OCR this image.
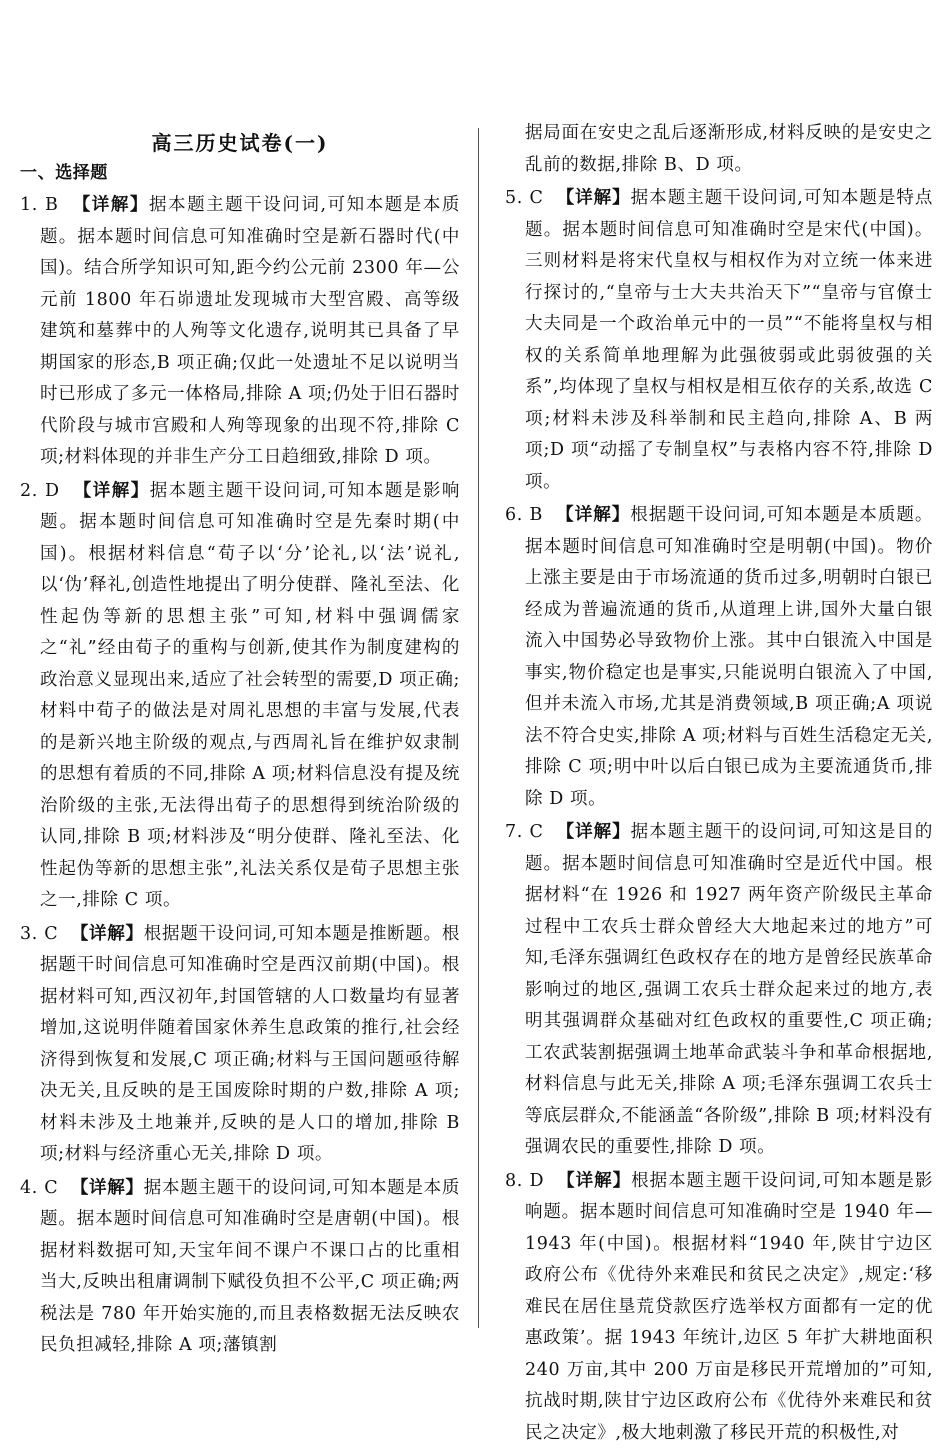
高三历史试卷(一)
一、选择题

1. B 【详解】据本题主题干设问词,可知本题是本质题。据本题时间信息可知准确时空是新石器时代(中国)。结合所学知识可知,距今约公元前 2300 年—公元前 1800 年石峁遗址发现城市大型宫殿、高等级建筑和墓葬中的人殉等文化遗存,说明其已具备了早期国家的形态,B 项正确;仅此一处遗址不足以说明当时已形成了多元一体格局,排除 A 项;仍处于旧石器时代阶段与城市宫殿和人殉等现象的出现不符,排除 C 项;材料体现的并非生产分工日趋细致,排除 D 项。

2. D 【详解】据本题主题干设问词,可知本题是影响题。据本题时间信息可知准确时空是先秦时期(中国)。根据材料信息“荀子以‘分’论礼,以‘法’说礼,以‘伪’释礼,创造性地提出了明分使群、隆礼至法、化性起伪等新的思想主张”可知,材料中强调儒家之“礼”经由荀子的重构与创新,使其作为制度建构的政治意义显现出来,适应了社会转型的需要,D 项正确;材料中荀子的做法是对周礼思想的丰富与发展,代表的是新兴地主阶级的观点,与西周礼旨在维护奴隶制的思想有着质的不同,排除 A 项;材料信息没有提及统治阶级的主张,无法得出荀子的思想得到统治阶级的认同,排除 B 项;材料涉及“明分使群、隆礼至法、化性起伪等新的思想主张”,礼法关系仅是荀子思想主张之一,排除 C 项。

3. C 【详解】根据题干设问词,可知本题是推断题。根据题干时间信息可知准确时空是西汉前期(中国)。根据材料可知,西汉初年,封国管辖的人口数量均有显著增加,这说明伴随着国家休养生息政策的推行,社会经济得到恢复和发展,C 项正确;材料与王国问题亟待解决无关,且反映的是王国废除时期的户数,排除 A 项;材料未涉及土地兼并,反映的是人口的增加,排除 B 项;材料与经济重心无关,排除 D 项。

4. C 【详解】据本题主题干的设问词,可知本题是本质题。据本题时间信息可知准确时空是唐朝(中国)。根据材料数据可知,天宝年间不课户不课口占的比重相当大,反映出租庸调制下赋役负担不公平,C 项正确;两税法是 780 年开始实施的,而且表格数据无法反映农民负担减轻,排除 A 项;藩镇割

据局面在安史之乱后逐渐形成,材料反映的是安史之乱前的数据,排除 B、D 项。

5. C 【详解】据本题主题干设问词,可知本题是特点题。据本题时间信息可知准确时空是宋代(中国)。三则材料是将宋代皇权与相权作为对立统一体来进行探讨的,“皇帝与士大夫共治天下”“皇帝与官僚士大夫同是一个政治单元中的一员”“不能将皇权与相权的关系简单地理解为此强彼弱或此弱彼强的关系”,均体现了皇权与相权是相互依存的关系,故选 C 项;材料未涉及科举制和民主趋向,排除 A、B 两项;D 项“动摇了专制皇权”与表格内容不符,排除 D 项。

6. B 【详解】根据题干设问词,可知本题是本质题。据本题时间信息可知准确时空是明朝(中国)。物价上涨主要是由于市场流通的货币过多,明朝时白银已经成为普遍流通的货币,从道理上讲,国外大量白银流入中国势必导致物价上涨。其中白银流入中国是事实,物价稳定也是事实,只能说明白银流入了中国,但并未流入市场,尤其是消费领域,B 项正确;A 项说法不符合史实,排除 A 项;材料与百姓生活稳定无关,排除 C 项;明中叶以后白银已成为主要流通货币,排除 D 项。

7. C 【详解】据本题主题干的设问词,可知这是目的题。据本题时间信息可知准确时空是近代中国。根据材料“在 1926 和 1927 两年资产阶级民主革命过程中工农兵士群众曾经大大地起来过的地方”可知,毛泽东强调红色政权存在的地方是曾经民族革命影响过的地区,强调工农兵士群众起来过的地方,表明其强调群众基础对红色政权的重要性,C 项正确;工农武装割据强调土地革命武装斗争和革命根据地,材料信息与此无关,排除 A 项;毛泽东强调工农兵士等底层群众,不能涵盖“各阶级”,排除 B 项;材料没有强调农民的重要性,排除 D 项。

8. D 【详解】根据本题主题干设问词,可知本题是影响题。据本题时间信息可知准确时空是 1940 年—1943 年(中国)。根据材料“1940 年,陕甘宁边区政府公布《优待外来难民和贫民之决定》,规定:‘移难民在居住垦荒贷款医疗选举权方面都有一定的优惠政策’。据 1943 年统计,边区 5 年扩大耕地面积 240 万亩,其中 200 万亩是移民开荒增加的”可知,抗战时期,陕甘宁边区政府公布《优待外来难民和贫民之决定》,极大地刺激了移民开荒的积极性,对
